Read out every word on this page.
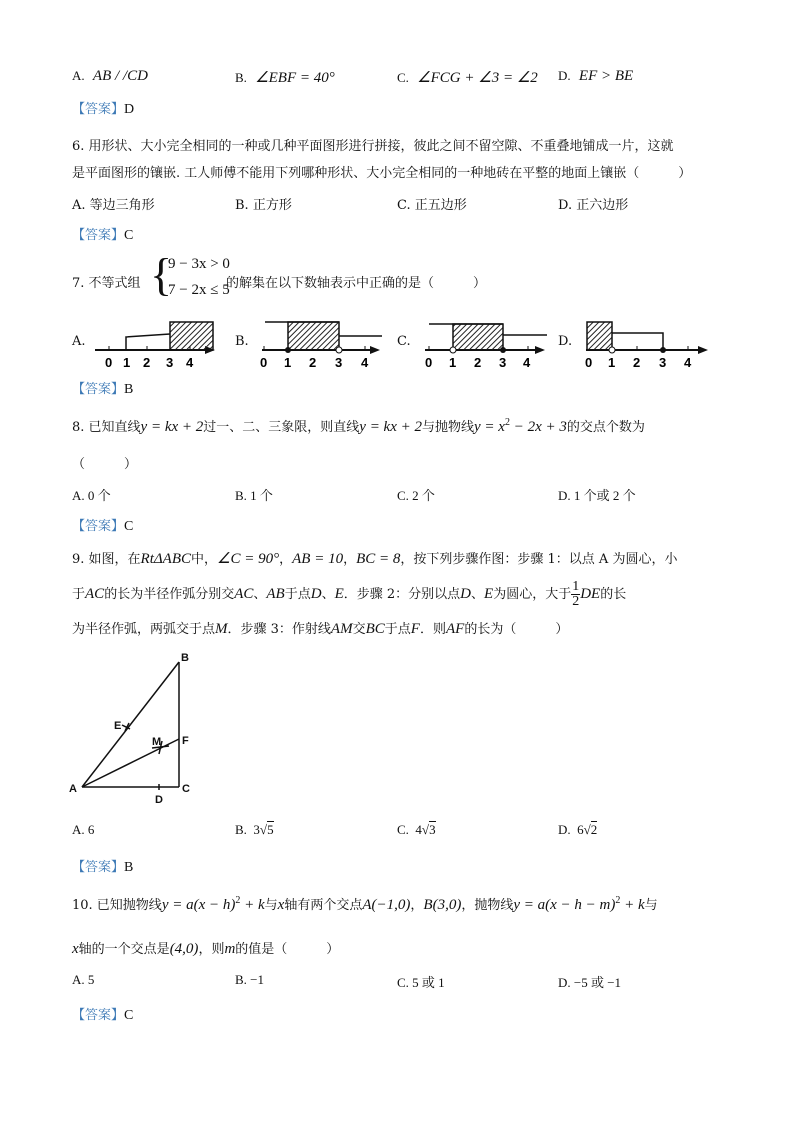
A. AB / /CD	B. ∠EBF = 40°	C. ∠FCG + ∠3 = ∠2 D. EF > BE
【答案】D
6. 用形状、大小完全相同的一种或几种平面图形进行拼接，彼此之间不留空隙、不重叠地铺成一片，这就
是平面图形的镶嵌. 工人师傅不能用下列哪种形状、大小完全相同的一种地砖在平整的地面上镶嵌（　　　）
A. 等边三角形	B. 正方形	C. 正五边形	D. 正六边形
【答案】C
7. 不等式组 {
9 − 3x > 0
7 − 2x ≤ 5
的解集在以下数轴表示中正确的是（　　　）
A.	B.	C.	D.
0 1 2 3 4	0 1 2 3 4	0 1 2 3 4	0 1 2 3 4
【答案】B
8. 已知直线y = kx + 2过一、二、三象限，则直线y = kx + 2与抛物线$y = x^2 - 2x + 3$的交点个数为
（　　　）
A. 0 个	B. 1 个	C. 2 个	D. 1 个或 2 个
【答案】C
9. 如图，在RtΔABC中，∠C = 90°，AB = 10，BC = 8，按下列步骤作图：步骤 1：以点 A 为圆心，小
于AC的长为半径作弧分别交AC、AB于点D、E．步骤 2：分别以点D、E为圆心，大于 $\frac{1}{2}$ DE的长
为半径作弧，两弧交于点M．步骤 3：作射线AM交BC于点F．则AF的长为（　　　）
A
B
C
D
E
F
M
A. 6	B. 3√5	C. 4√3	D. 6√2
【答案】B
10. 已知抛物线$y = a(x - h)^2 + k$与x轴有两个交点A(−1,0)，B(3,0)，抛物线$y = a(x - h - m)^2 + k$与
x轴的一个交点是(4,0)，则m的值是（　　　）
A. 5	B. −1	C. 5 或 1	D. −5 或 −1
【答案】C
